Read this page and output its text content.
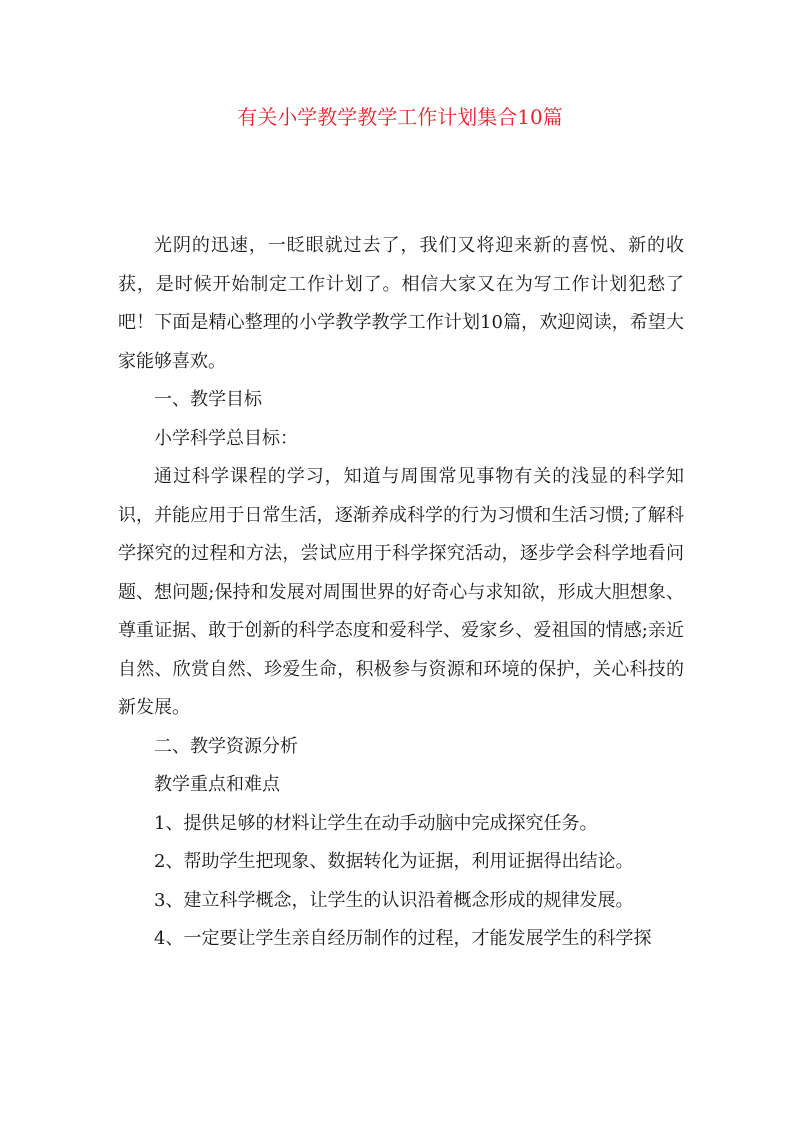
有关小学教学教学工作计划集合10篇

光阴的迅速，一眨眼就过去了，我们又将迎来新的喜悦、新的收获，是时候开始制定工作计划了。相信大家又在为写工作计划犯愁了吧！下面是精心整理的小学教学教学工作计划10篇，欢迎阅读，希望大家能够喜欢。

一、教学目标

小学科学总目标：

通过科学课程的学习，知道与周围常见事物有关的浅显的科学知识，并能应用于日常生活，逐渐养成科学的行为习惯和生活习惯;了解科学探究的过程和方法，尝试应用于科学探究活动，逐步学会科学地看问题、想问题;保持和发展对周围世界的好奇心与求知欲，形成大胆想象、尊重证据、敢于创新的科学态度和爱科学、爱家乡、爱祖国的情感;亲近自然、欣赏自然、珍爱生命，积极参与资源和环境的保护，关心科技的新发展。

二、教学资源分析

教学重点和难点

1、提供足够的材料让学生在动手动脑中完成探究任务。

2、帮助学生把现象、数据转化为证据，利用证据得出结论。

3、建立科学概念，让学生的认识沿着概念形成的规律发展。

4、一定要让学生亲自经历制作的过程，才能发展学生的科学探
